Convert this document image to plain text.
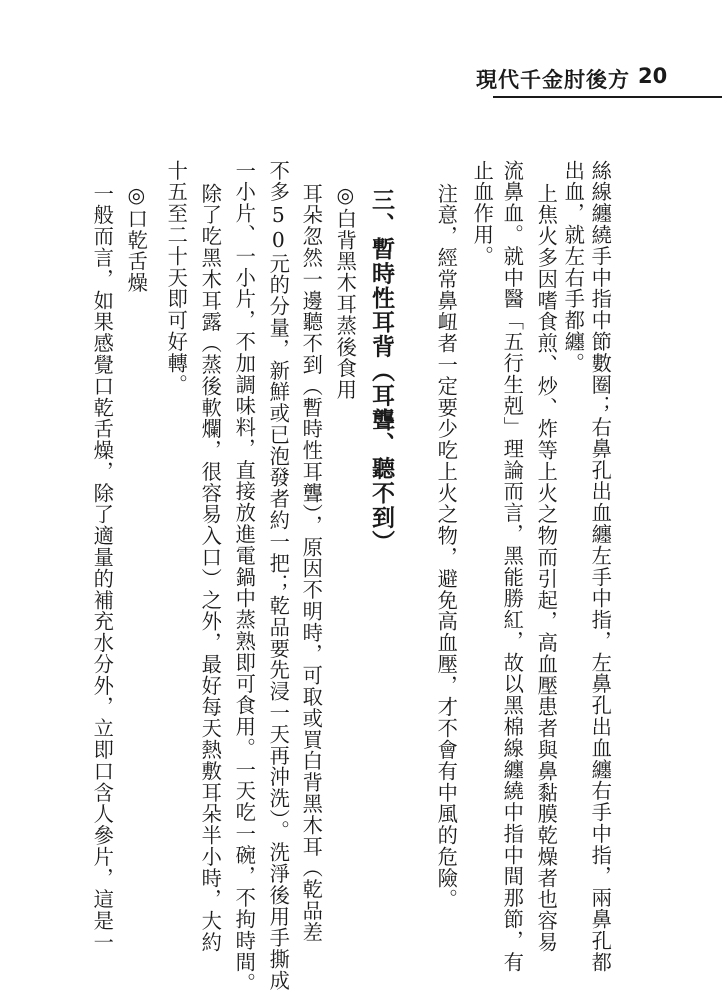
現代千金肘後方 20
絲線纏繞手中指中節數圈；右鼻孔出血纏左手中指，左鼻孔出血纏右手中指，兩鼻孔都
出血，就左右手都纏。
上焦火多因嗜食煎、炒、炸等上火之物而引起，高血壓患者與鼻黏膜乾燥者也容易
流鼻血。就中醫「五行生剋」理論而言，黑能勝紅，故以黑棉線纏繞中指中間那節，有
止血作用。
注意，經常鼻衄者一定要少吃上火之物，避免高血壓，才不會有中風的危險。
三、暫時性耳背（耳聾、聽不到）
◎白背黑木耳蒸後食用
耳朵忽然一邊聽不到（暫時性耳聾），原因不明時，可取或買白背黑木耳（乾品差
不多50元的分量，新鮮或已泡發者約一把；乾品要先浸一天再沖洗）。洗淨後用手撕成
一小片、一小片，不加調味料，直接放進電鍋中蒸熟即可食用。一天吃一碗，不拘時間。
除了吃黑木耳露（蒸後軟爛，很容易入口）之外，最好每天熱敷耳朵半小時，大約
十五至二十天即可好轉。
◎口乾舌燥
一般而言，如果感覺口乾舌燥，除了適量的補充水分外，立即口含人參片，這是一
